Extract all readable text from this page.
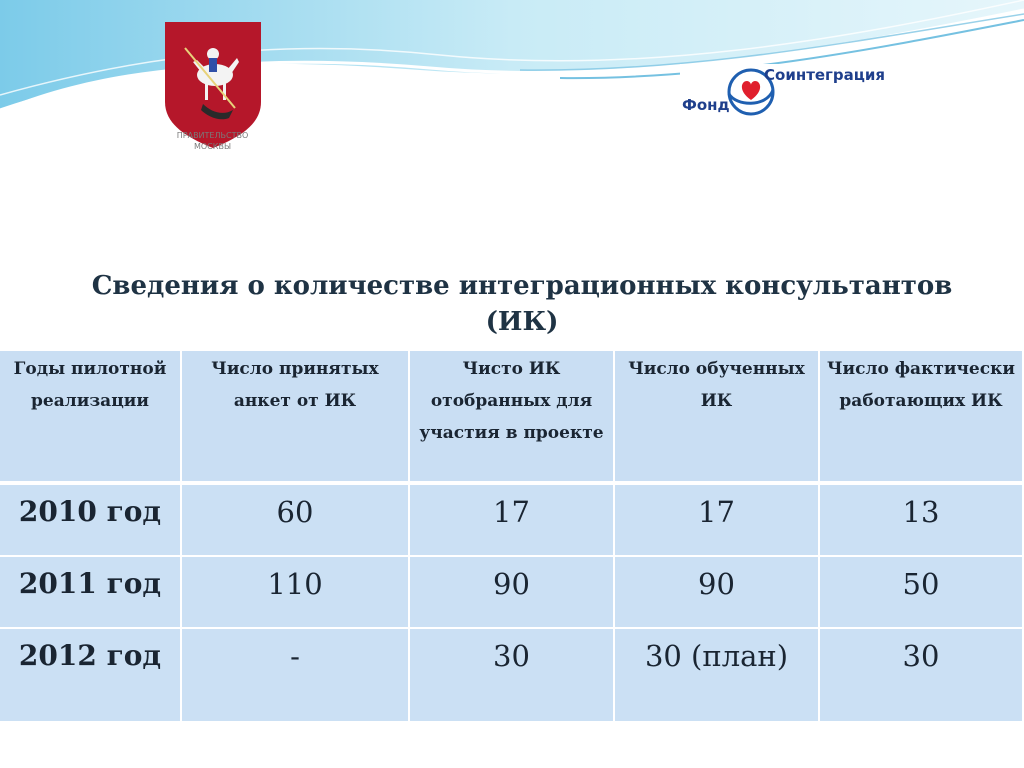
ПРАВИТЕЛЬСТВО
МОСКВЫ
Соинтеграция
Фонд
Сведения о количестве интеграционных консультантов
(ИК)
Годы пилотной реализации	Число принятых анкет от ИК	Чисто ИК отобранных для участия в проекте	Число обученных ИК	Число фактически работающих ИК
2010 год	60	17	17	13
2011 год	110	90	90	50
2012 год	-	30	30 (план)	30
